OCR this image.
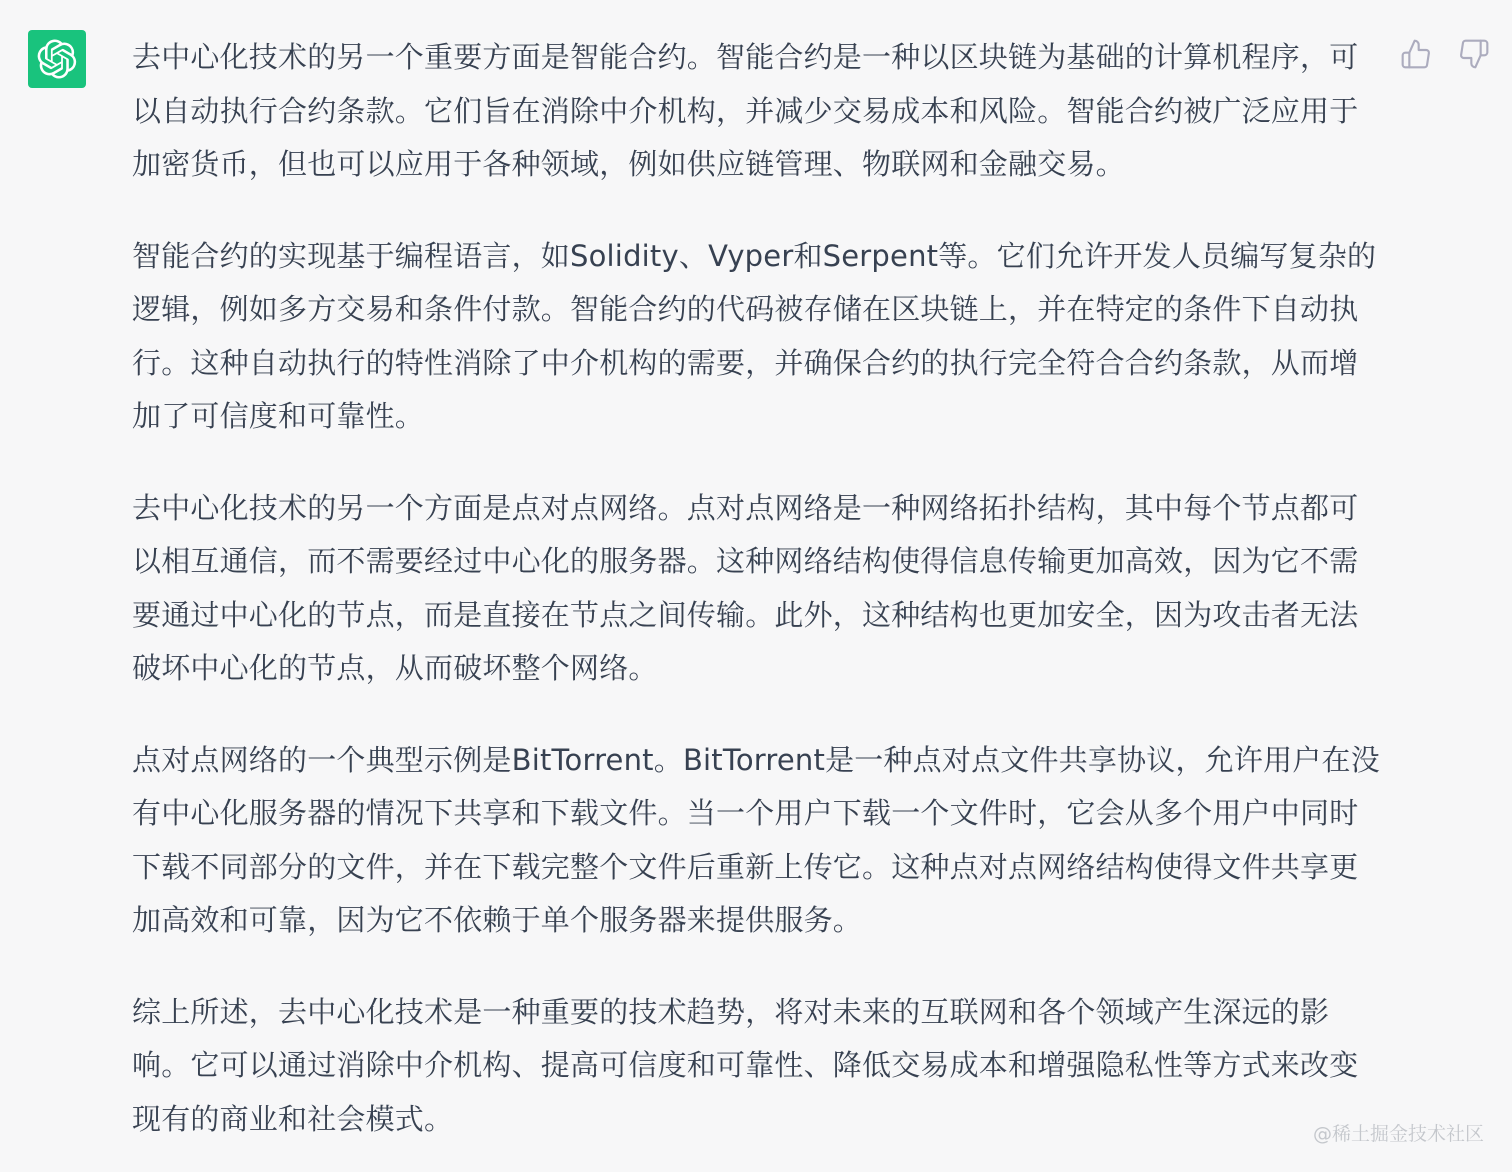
去中心化技术的另一个重要方面是智能合约。智能合约是一种以区块链为基础的计算机程序，可以自动执行合约条款。它们旨在消除中介机构，并减少交易成本和风险。智能合约被广泛应用于加密货币，但也可以应用于各种领域，例如供应链管理、物联网和金融交易。

智能合约的实现基于编程语言，如Solidity、Vyper和Serpent等。它们允许开发人员编写复杂的逻辑，例如多方交易和条件付款。智能合约的代码被存储在区块链上，并在特定的条件下自动执行。这种自动执行的特性消除了中介机构的需要，并确保合约的执行完全符合合约条款，从而增加了可信度和可靠性。

去中心化技术的另一个方面是点对点网络。点对点网络是一种网络拓扑结构，其中每个节点都可以相互通信，而不需要经过中心化的服务器。这种网络结构使得信息传输更加高效，因为它不需要通过中心化的节点，而是直接在节点之间传输。此外，这种结构也更加安全，因为攻击者无法破坏中心化的节点，从而破坏整个网络。

点对点网络的一个典型示例是BitTorrent。BitTorrent是一种点对点文件共享协议，允许用户在没有中心化服务器的情况下共享和下载文件。当一个用户下载一个文件时，它会从多个用户中同时下载不同部分的文件，并在下载完整个文件后重新上传它。这种点对点网络结构使得文件共享更加高效和可靠，因为它不依赖于单个服务器来提供服务。

综上所述，去中心化技术是一种重要的技术趋势，将对未来的互联网和各个领域产生深远的影响。它可以通过消除中介机构、提高可信度和可靠性、降低交易成本和增强隐私性等方式来改变现有的商业和社会模式。	@稀土掘金技术社区
